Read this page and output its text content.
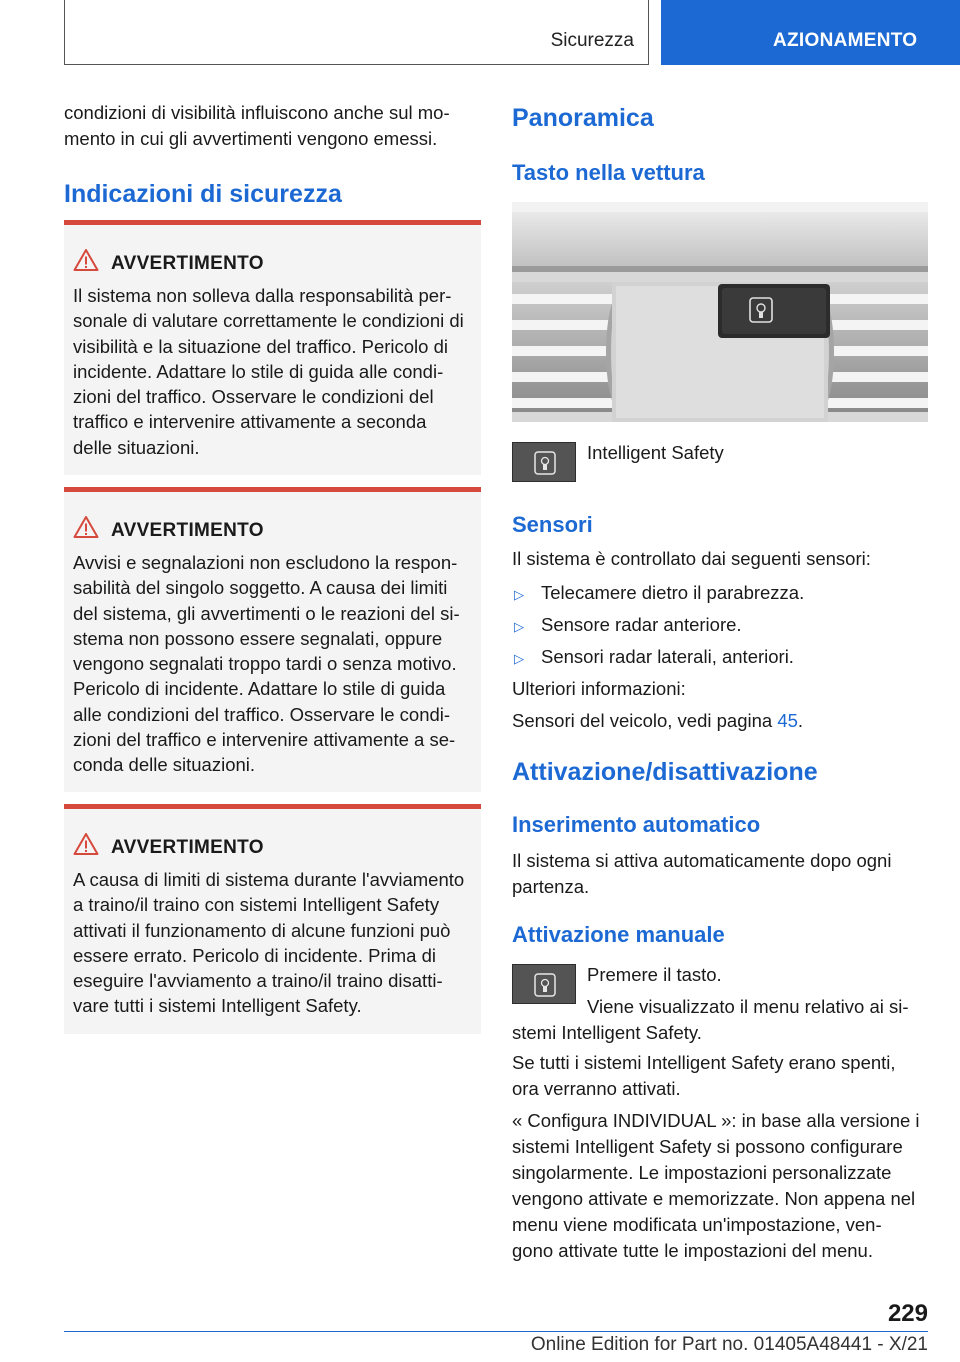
Sicurezza	AZIONAMENTO

condizioni di visibilità influiscono anche sul mo-

mento in cui gli avvertimenti vengono emessi.

Indicazioni di sicurezza
AVVERTIMENTO
Il sistema non solleva dalla responsabilità per-
sonale di valutare correttamente le condizioni di
visibilità e la situazione del traffico. Pericolo di
incidente. Adattare lo stile di guida alle condi-
zioni del traffico. Osservare le condizioni del
traffico e intervenire attivamente a seconda
delle situazioni.
AVVERTIMENTO
Avvisi e segnalazioni non escludono la respon-
sabilità del singolo soggetto. A causa dei limiti
del sistema, gli avvertimenti o le reazioni del si-
stema non possono essere segnalati, oppure
vengono segnalati troppo tardi o senza motivo.
Pericolo di incidente. Adattare lo stile di guida
alle condizioni del traffico. Osservare le condi-
zioni del traffico e intervenire attivamente a se-
conda delle situazioni.
AVVERTIMENTO
A causa di limiti di sistema durante l'avviamento
a traino/il traino con sistemi Intelligent Safety
attivati il funzionamento di alcune funzioni può
essere errato. Pericolo di incidente. Prima di
eseguire l'avviamento a traino/il traino disatti-
vare tutti i sistemi Intelligent Safety.
Panoramica
Tasto nella vettura

Intelligent Safety

Sensori

Il sistema è controllato dai seguenti sensori:

▷ Telecamere dietro il parabrezza.
▷ Sensore radar anteriore.
▷ Sensori radar laterali, anteriori.

Ulteriori informazioni:

Sensori del veicolo, vedi pagina 45.

Attivazione/disattivazione
Inserimento automatico

Il sistema si attiva automaticamente dopo ogni

partenza.

Attivazione manuale

Premere il tasto.

Viene visualizzato il menu relativo ai si-

stemi Intelligent Safety.

Se tutti i sistemi Intelligent Safety erano spenti,

ora verranno attivati.

« Configura INDIVIDUAL »: in base alla versione i

sistemi Intelligent Safety si possono configurare

singolarmente. Le impostazioni personalizzate

vengono attivate e memorizzate. Non appena nel

menu viene modificata un'impostazione, ven-

gono attivate tutte le impostazioni del menu.

229
Online Edition for Part no. 01405A48441 - X/21
